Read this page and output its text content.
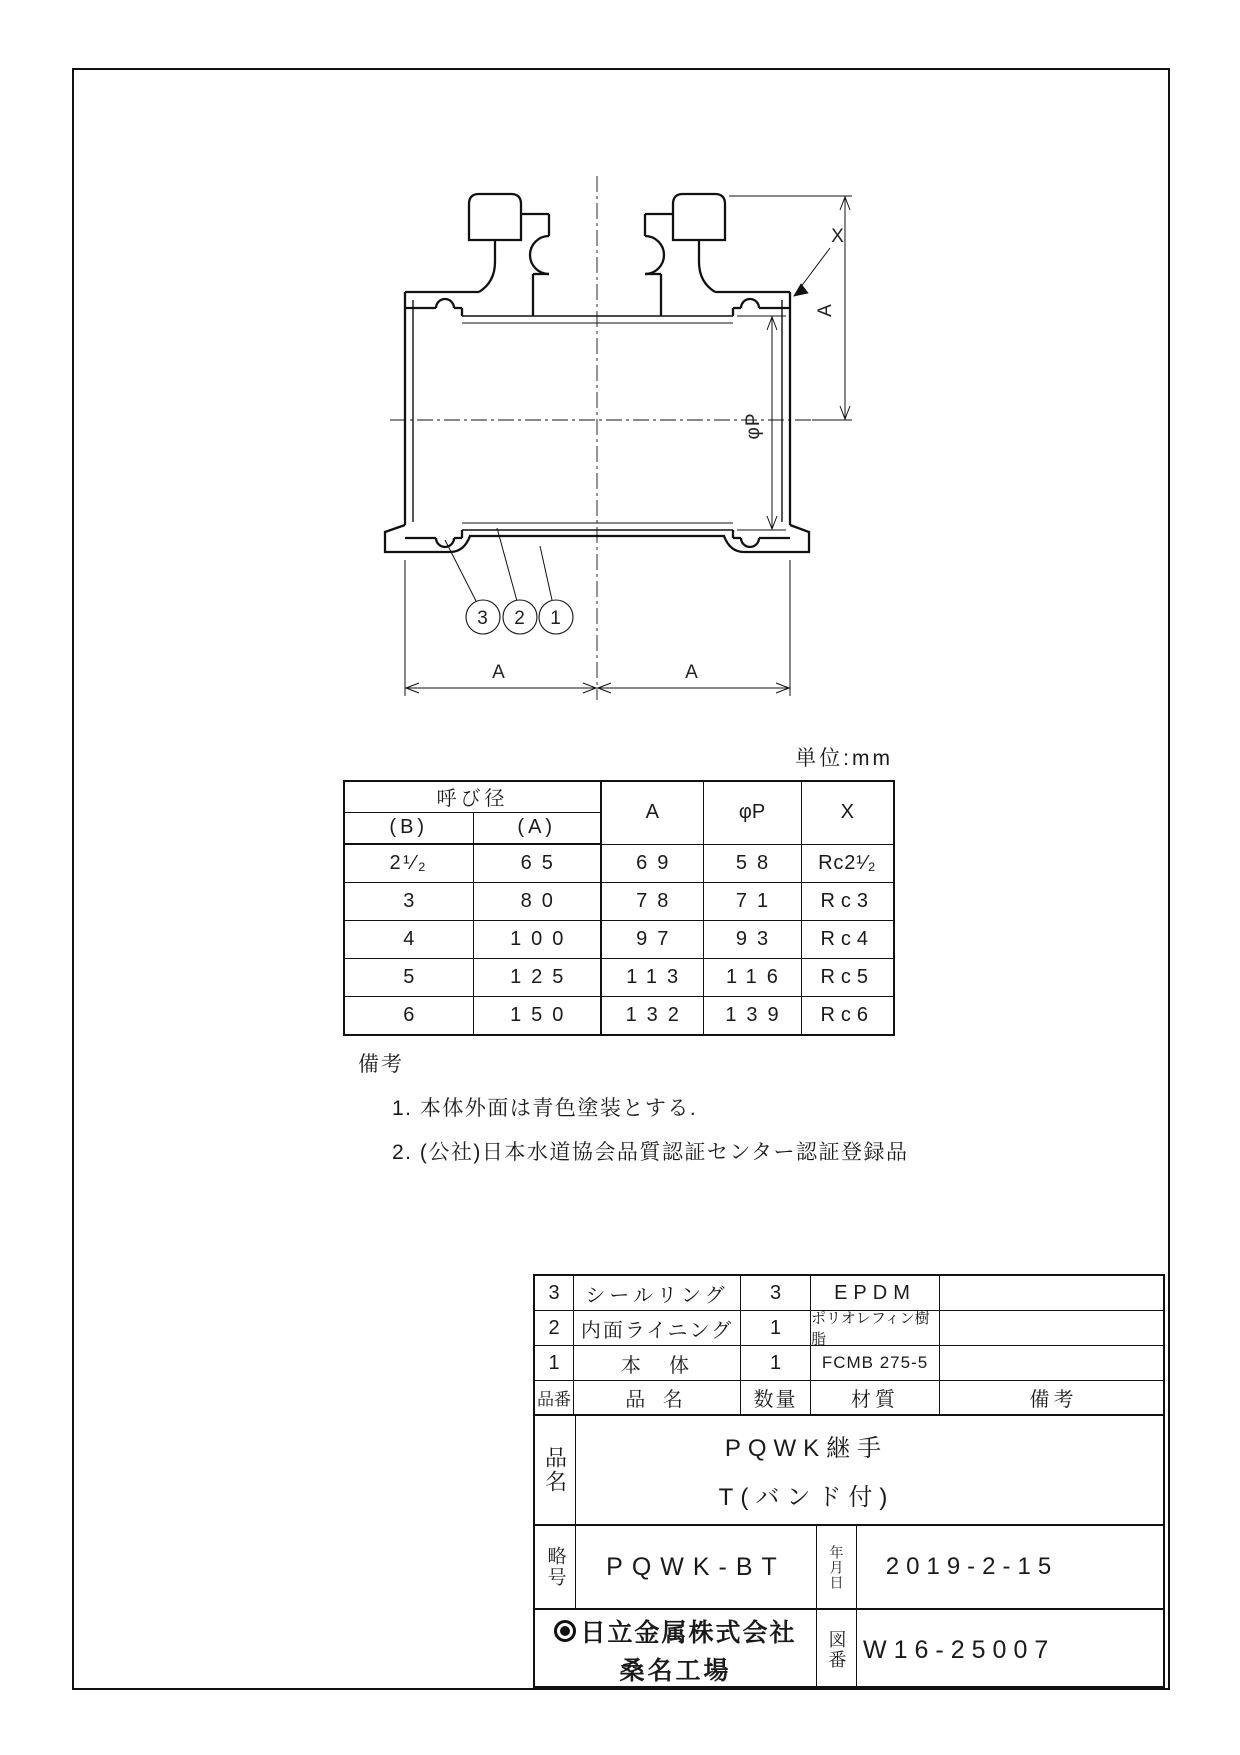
3 2 1
X
A
φP
A	A
単位:mm
呼び径		A	φP	X
(B)	(A)			
2¹⁄₂	65	69	58	Rc2¹⁄₂
3	80	78	71	Rc3
4	100	97	93	Rc4
5	125	113	116	Rc5
6	150	132	139	Rc6
備考
1. 本体外面は青色塗装とする.
2. (公社)日本水道協会品質認証センター認証登録品
3	シールリング	3	EPDM
2	内面ライニング	1	ポリオレフィン樹脂
1	本　体	1	FCMB 275-5
品番	品 名	数量	材質	備考
品名	PQWK継手
T(バンド付)
略号	PQWK-BT	年月日	2019-2-15
日立金属株式会社
桑名工場
図番 W16-25007
